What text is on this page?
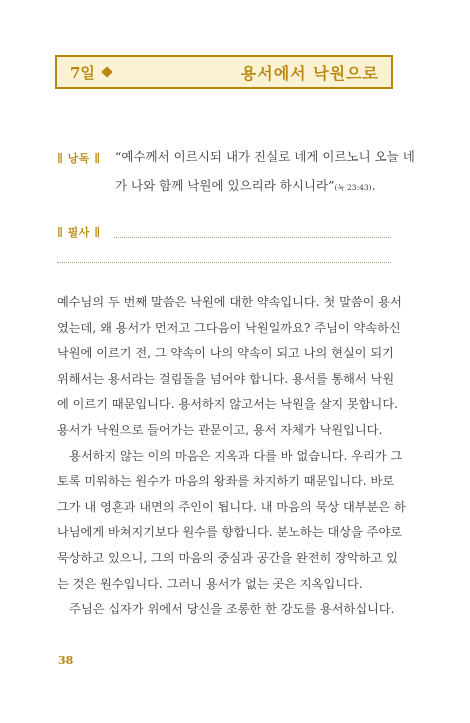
7일	용서에서 낙원으로
∥ 낭독 ∥ “예수께서 이르시되 내가 진실로 네게 이르노니 오늘 네
가 나와 함께 낙원에 있으리라 하시니라”(눅 23:43).
∥ 필사 ∥
예수님의 두 번째 말씀은 낙원에 대한 약속입니다. 첫 말씀이 용서
였는데, 왜 용서가 먼저고 그다음이 낙원일까요? 주님이 약속하신
낙원에 이르기 전, 그 약속이 나의 약속이 되고 나의 현실이 되기
위해서는 용서라는 걸림돌을 넘어야 합니다. 용서를 통해서 낙원
에 이르기 때문입니다. 용서하지 않고서는 낙원을 살지 못합니다.
용서가 낙원으로 들어가는 관문이고, 용서 자체가 낙원입니다.
　용서하지 않는 이의 마음은 지옥과 다를 바 없습니다. 우리가 그
토록 미워하는 원수가 마음의 왕좌를 차지하기 때문입니다. 바로
그가 내 영혼과 내면의 주인이 됩니다. 내 마음의 묵상 대부분은 하
나님에게 바쳐지기보다 원수를 향합니다. 분노하는 대상을 주야로
묵상하고 있으니, 그의 마음의 중심과 공간을 완전히 장악하고 있
는 것은 원수입니다. 그러니 용서가 없는 곳은 지옥입니다.
　주님은 십자가 위에서 당신을 조롱한 한 강도를 용서하십니다.
38
